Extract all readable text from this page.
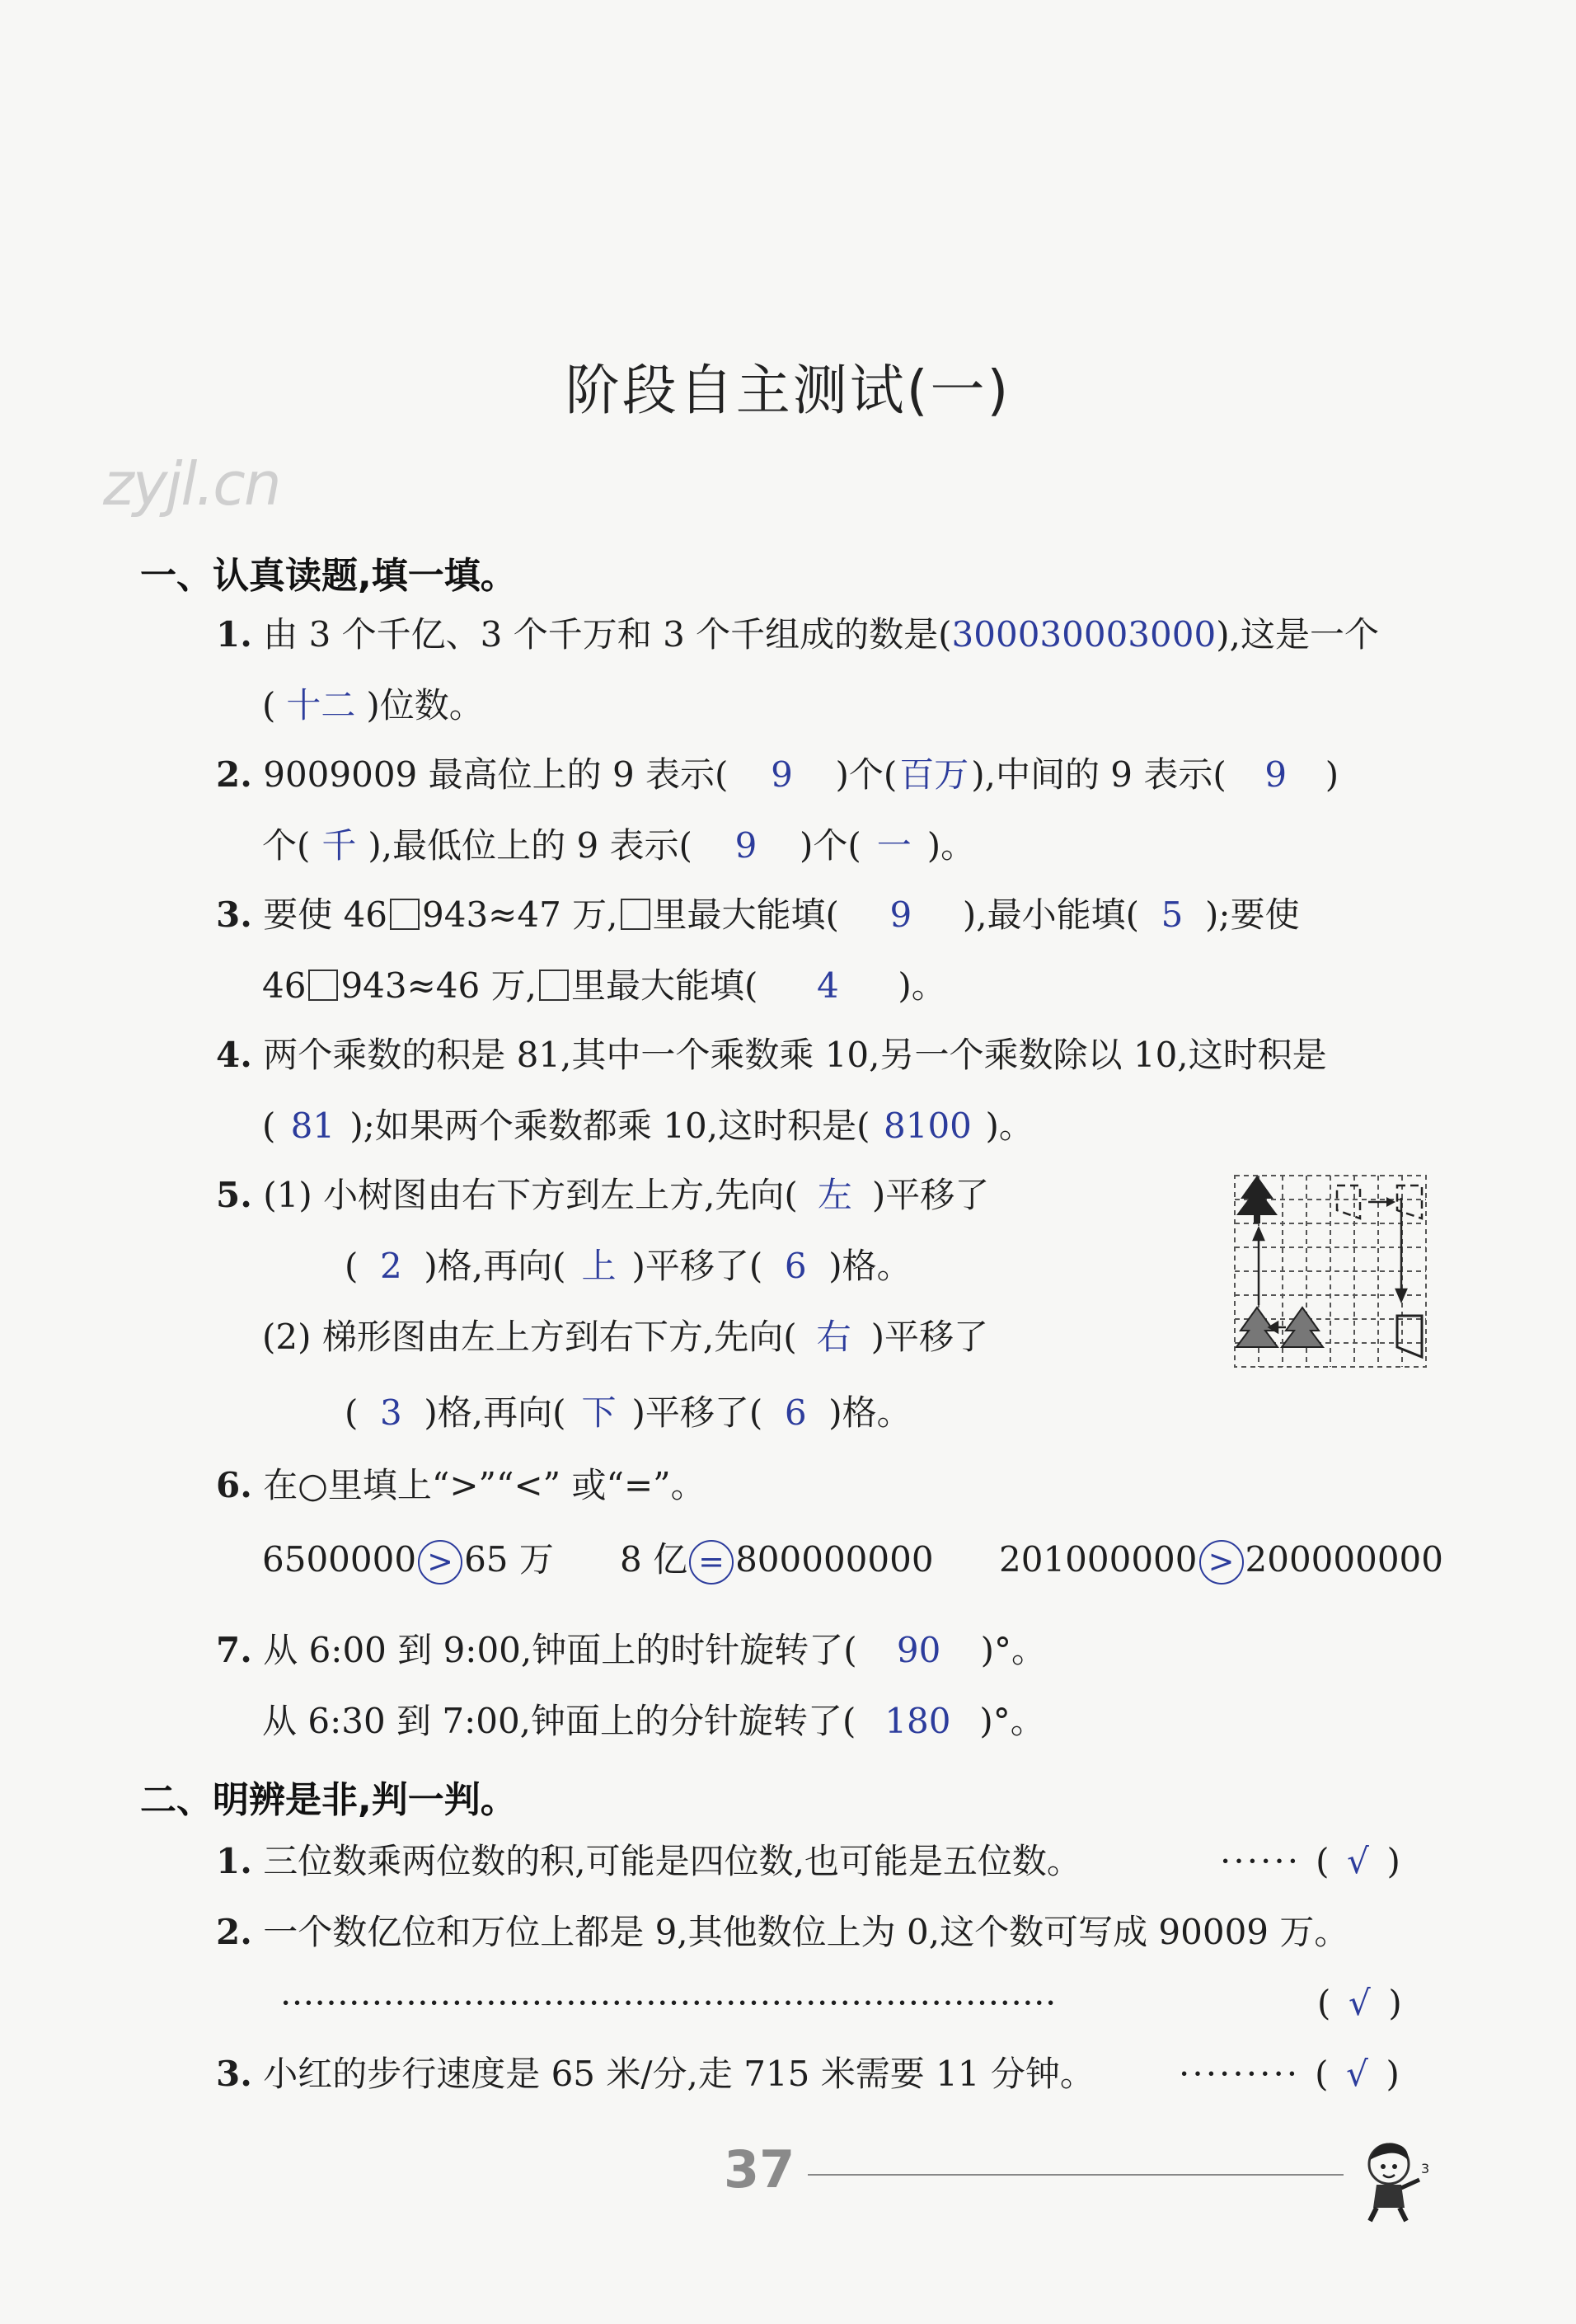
zyjl.cn
阶段自主测试(一)
一、认真读题,填一填。
1. 由 3 个千亿、3 个千万和 3 个千组成的数是(300030003000),这是一个
( 十二 )位数。
2. 9009009 最高位上的 9 表示( 9 )个(百万),中间的 9 表示( 9 )
个( 千 ),最低位上的 9 表示( 9 )个( 一 )。
3. 要使 46 943≈47 万, 里最大能填( 9 ),最小能填( 5 );要使
46 943≈46 万, 里最大能填( 4 )。
4. 两个乘数的积是 81,其中一个乘数乘 10,另一个乘数除以 10,这时积是
( 81 );如果两个乘数都乘 10,这时积是( 8100 )。
5. (1) 小树图由右下方到左上方,先向( 左 )平移了
( 2 )格,再向( 上 )平移了( 6 )格。
(2) 梯形图由左上方到右下方,先向( 右 )平移了
( 3 )格,再向( 下 )平移了( 6 )格。
6. 在○里填上“>”“<” 或“=”。
6500000 > 65 万 8 亿 = 800000000 201000000 > 200000000
7. 从 6:00 到 9:00,钟面上的时针旋转了( 90 )°。
从 6:30 到 7:00,钟面上的分针旋转了( 180 )°。
二、明辨是非,判一判。
1. 三位数乘两位数的积,可能是四位数,也可能是五位数。	······ ( √ )
2. 一个数亿位和万位上都是 9,其他数位上为 0,这个数可写成 90009 万。
····································································	( √ )
3. 小红的步行速度是 65 米/分,走 715 米需要 11 分钟。 ········· ( √ )
37	3
